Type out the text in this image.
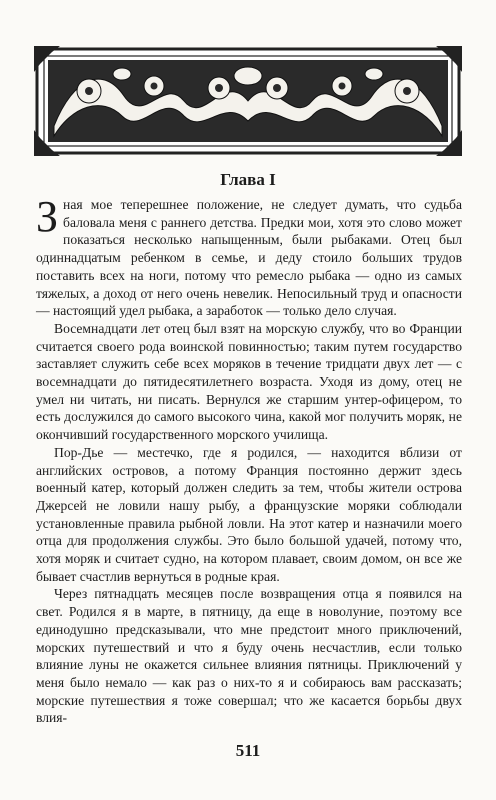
Глава I

Зная мое теперешнее положение, не следует думать, что судьба баловала меня с раннего детства. Предки мои, хотя это слово может показаться несколько напыщенным, были рыбаками. Отец был одиннадцатым ребенком в семье, и деду стоило больших трудов поставить всех на ноги, потому что ремесло рыбака — одно из самых тяжелых, а доход от него очень невелик. Непосильный труд и опасности — настоящий удел рыбака, а заработок — только дело случая.

Восемнадцати лет отец был взят на морскую службу, что во Франции считается своего рода воинской повинностью; таким путем государство заставляет служить себе всех моряков в течение тридцати двух лет — с восемнадцати до пятидесятилетнего возраста. Уходя из дому, отец не умел ни читать, ни писать. Вернулся же старшим унтер-офицером, то есть дослужился до самого высокого чина, какой мог получить моряк, не окончивший государственного морского училища.

Пор-Дье — местечко, где я родился, — находится вблизи от английских островов, а потому Франция постоянно держит здесь военный катер, который должен следить за тем, чтобы жители острова Джерсей не ловили нашу рыбу, а французские моряки соблюдали установленные правила рыбной ловли. На этот катер и назначили моего отца для продолжения службы. Это было большой удачей, потому что, хотя моряк и считает судно, на котором плавает, своим домом, он все же бывает счастлив вернуться в родные края.

Через пятнадцать месяцев после возвращения отца я появился на свет. Родился я в марте, в пятницу, да еще в новолуние, поэтому все единодушно предсказывали, что мне предстоит много приключений, морских путешествий и что я буду очень несчастлив, если только влияние луны не окажется сильнее влияния пятницы. Приключений у меня было немало — как раз о них-то я и собираюсь вам рассказать; морские путешествия я тоже совершал; что же касается борьбы двух влия-

511
